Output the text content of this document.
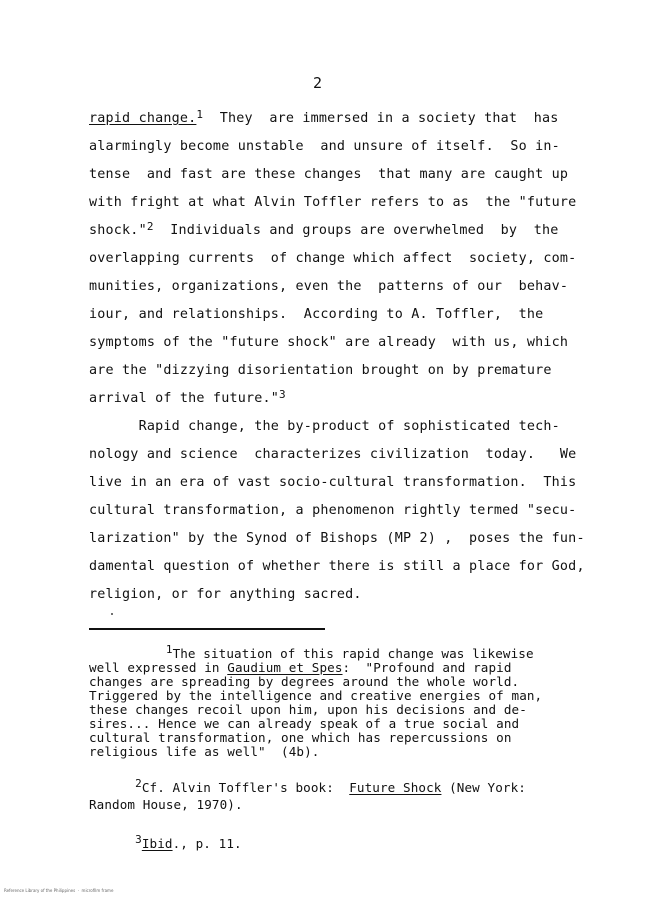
2
rapid change.$^1$  They  are immersed in a society that  has
alarmingly become unstable  and unsure of itself.  So in-
tense  and fast are these changes  that many are caught up
with fright at what Alvin Toffler refers to as  the "future
shock."$^2$  Individuals and groups are overwhelmed  by  the
overlapping currents  of change which affect  society, com-
munities, organizations, even the  patterns of our  behav-
iour, and relationships.  According to A. Toffler,  the
symptoms of the "future shock" are already  with us, which
are the "dizzying disorientation brought on by premature
arrival of the future."$^3$
Rapid change, the by-product of sophisticated tech-
nology and science  characterizes civilization  today.   We
live in an era of vast socio-cultural transformation.  This
cultural transformation, a phenomenon rightly termed "secu-
larization" by the Synod of Bishops (MP 2) ,  poses the fun-
damental question of whether there is still a place for God,
religion, or for anything sacred.
$^1$The situation of this rapid change was likewise
well expressed in Gaudium et Spes:  "Profound and rapid
changes are spreading by degrees around the whole world.
Triggered by the intelligence and creative energies of man,
these changes recoil upon him, upon his decisions and de-
sires... Hence we can already speak of a true social and
cultural transformation, one which has repercussions on
religious life as well"  (4b).
$^2$Cf. Alvin Toffler's book:  Future Shock (New York:
Random House, 1970).
$^3$Ibid., p. 11.
Reference Library of the Philippines  ·  microfilm frame
